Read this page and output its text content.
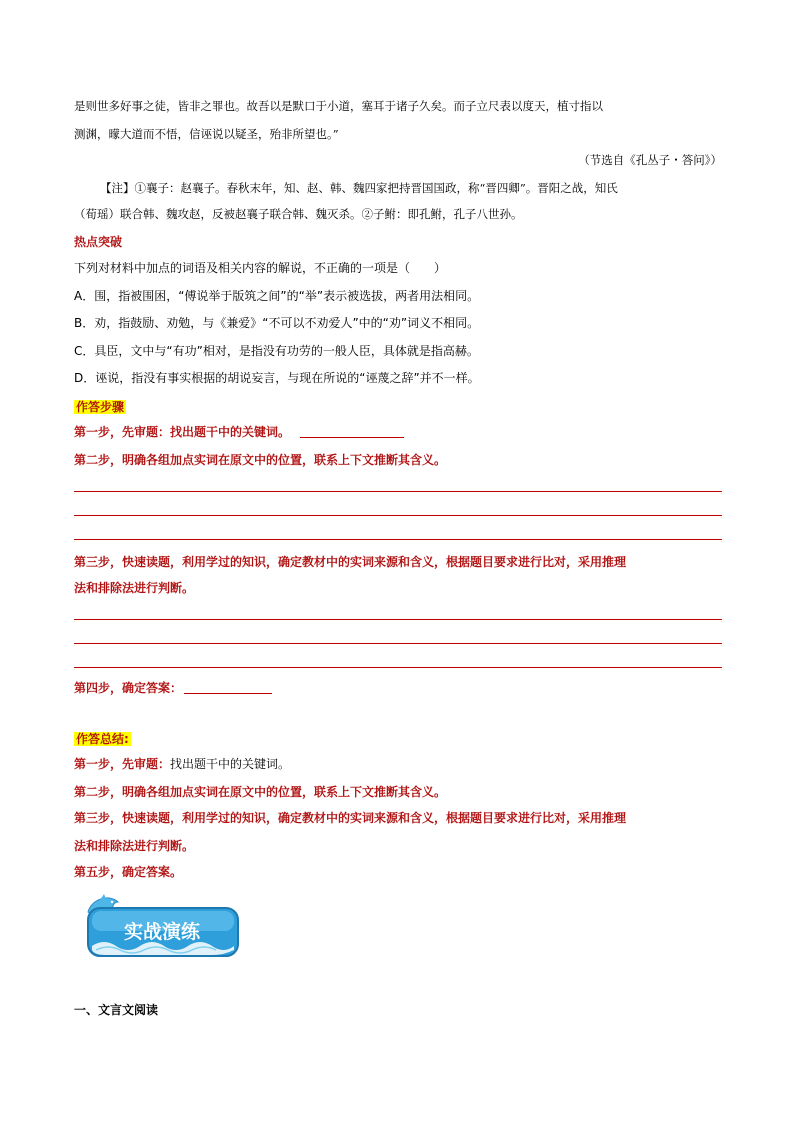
是则世多好事之徒，皆非之罪也。故吾以是默口于小道，塞耳于诸子久矣。而子立尺表以度天，植寸指以
测渊，曚大道而不悟，信诬说以疑圣，殆非所望也。”
（节选自《孔丛子・答问》）
【注】①襄子：赵襄子。春秋末年，知、赵、韩、魏四家把持晋国国政，称“晋四卿”。晋阳之战，知氏
（荀瑶）联合韩、魏攻赵，反被赵襄子联合韩、魏灭杀。②子鲋：即孔鲋，孔子八世孙。
热点突破
下列对材料中加点的词语及相关内容的解说，不正确的一项是（　　）
A．围，指被围困，“傅说举于版筑之间”的“举”表示被选拔，两者用法相同。
B．劝，指鼓励、劝勉，与《兼爱》“不可以不劝爱人”中的“劝”词义不相同。
C．具臣，文中与“有功”相对，是指没有功劳的一般人臣，具体就是指高赫。
D．诬说，指没有事实根据的胡说妄言，与现在所说的“诬蔑之辞”并不一样。
作答步骤
第一步，先审题：找出题干中的关键词。
第二步，明确各组加点实词在原文中的位置，联系上下文推断其含义。
第三步，快速读题，利用学过的知识，确定教材中的实词来源和含义，根据题目要求进行比对，采用推理
法和排除法进行判断。
第四步，确定答案：
作答总结:
第一步，先审题：找出题干中的关键词。
第二步，明确各组加点实词在原文中的位置，联系上下文推断其含义。
第三步，快速读题，利用学过的知识，确定教材中的实词来源和含义，根据题目要求进行比对，采用推理
法和排除法进行判断。
第五步，确定答案。
实战演练
一、文言文阅读
